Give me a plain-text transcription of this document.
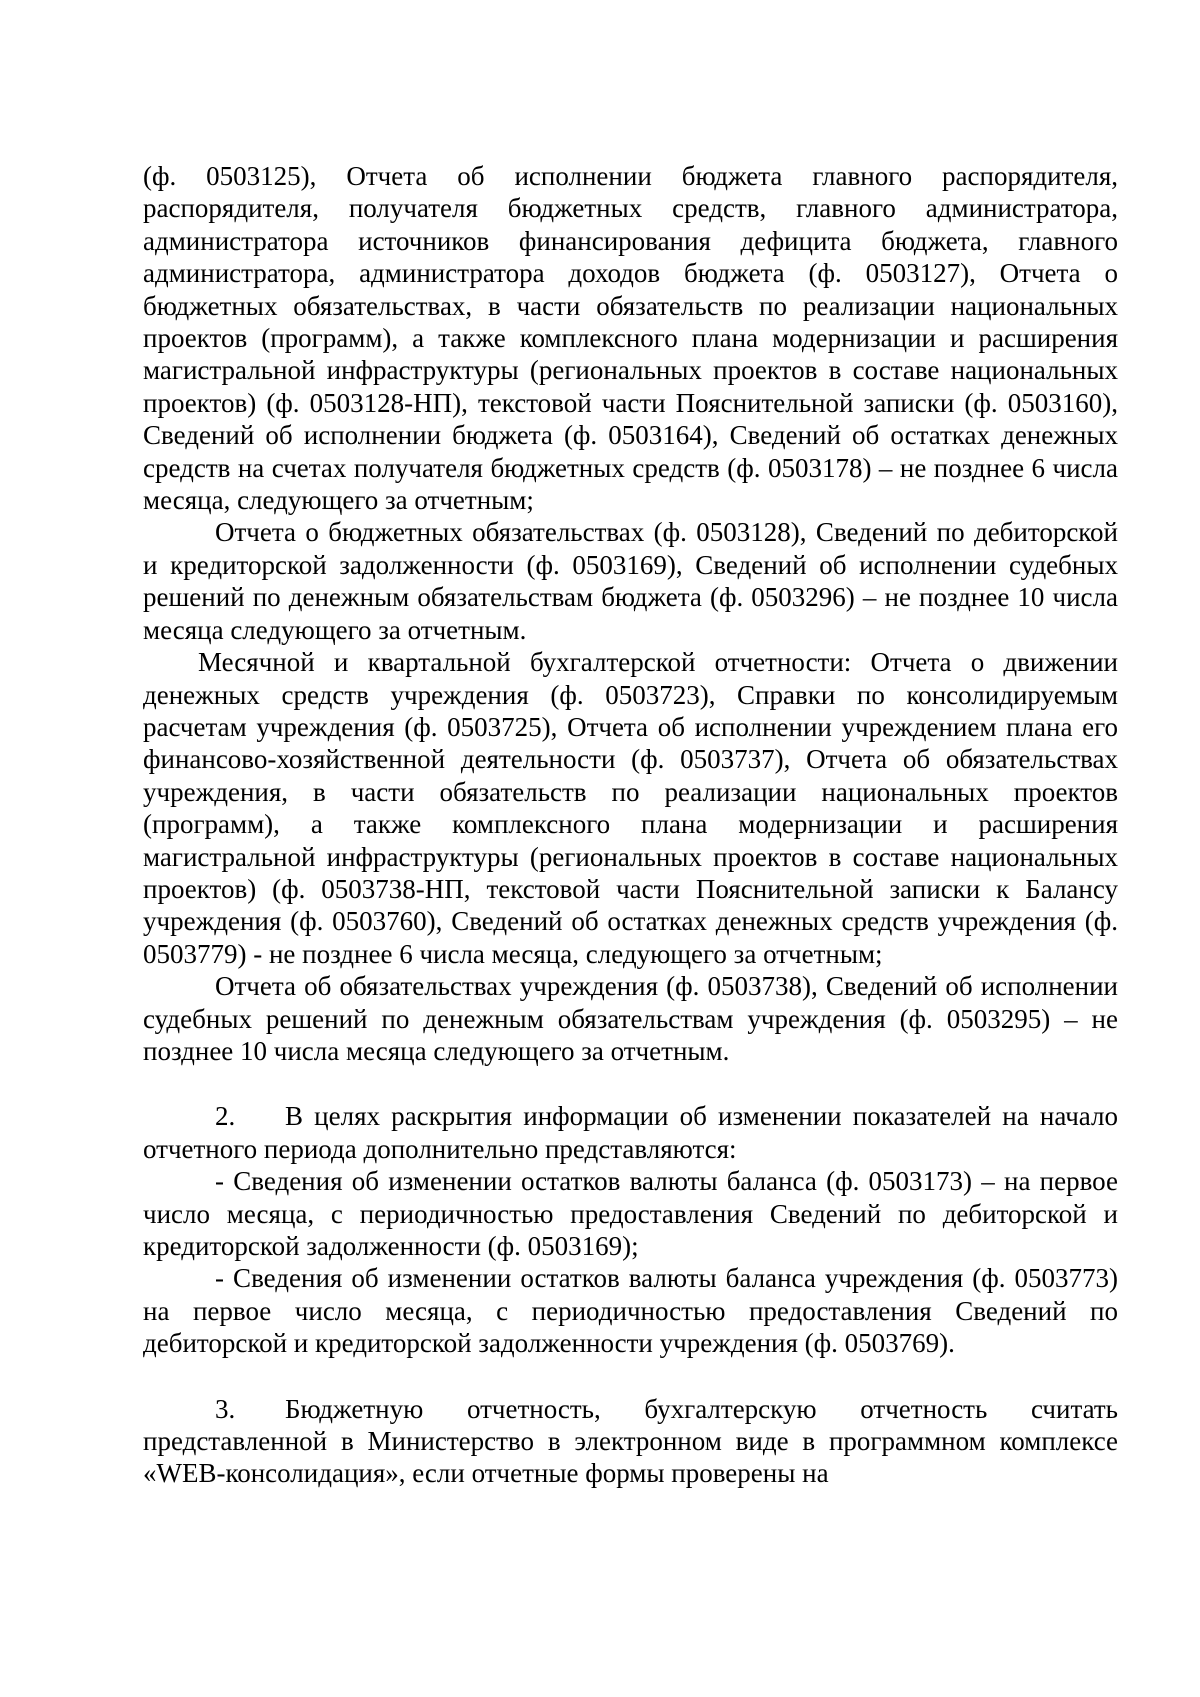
(ф. 0503125), Отчета об исполнении бюджета главного распорядителя, распорядителя, получателя бюджетных средств, главного администратора, администратора источников финансирования дефицита бюджета, главного администратора, администратора доходов бюджета (ф. 0503127), Отчета о бюджетных обязательствах, в части обязательств по реализации национальных проектов (программ), а также комплексного плана модернизации и расширения магистральной инфраструктуры (региональных проектов в составе национальных проектов) (ф. 0503128-НП), текстовой части Пояснительной записки (ф. 0503160), Сведений об исполнении бюджета (ф. 0503164), Сведений об остатках денежных средств на счетах получателя бюджетных средств (ф. 0503178) – не позднее 6 числа месяца, следующего за отчетным;

Отчета о бюджетных обязательствах (ф. 0503128), Сведений по дебиторской и кредиторской задолженности (ф. 0503169), Сведений об исполнении судебных решений по денежным обязательствам бюджета (ф. 0503296) – не позднее 10 числа месяца следующего за отчетным.

Месячной и квартальной бухгалтерской отчетности: Отчета о движении денежных средств учреждения (ф. 0503723), Справки по консолидируемым расчетам учреждения (ф. 0503725), Отчета об исполнении учреждением плана его финансово-хозяйственной деятельности (ф. 0503737), Отчета об обязательствах учреждения, в части обязательств по реализации национальных проектов (программ), а также комплексного плана модернизации и расширения магистральной инфраструктуры (региональных проектов в составе национальных проектов) (ф. 0503738-НП, текстовой части Пояснительной записки к Балансу учреждения (ф. 0503760), Сведений об остатках денежных средств учреждения (ф. 0503779) - не позднее 6 числа месяца, следующего за отчетным;

Отчета об обязательствах учреждения (ф. 0503738), Сведений об исполнении судебных решений по денежным обязательствам учреждения (ф. 0503295) – не позднее 10 числа месяца следующего за отчетным.

2. В целях раскрытия информации об изменении показателей на начало отчетного периода дополнительно представляются:

- Сведения об изменении остатков валюты баланса (ф. 0503173) – на первое число месяца, с периодичностью предоставления Сведений по дебиторской и кредиторской задолженности (ф. 0503169);

- Сведения об изменении остатков валюты баланса учреждения (ф. 0503773) на первое число месяца, с периодичностью предоставления Сведений по дебиторской и кредиторской задолженности учреждения (ф. 0503769).

3. Бюджетную отчетность, бухгалтерскую отчетность считать представленной в Министерство в электронном виде в программном комплексе «WEB-консолидация», если отчетные формы проверены на
